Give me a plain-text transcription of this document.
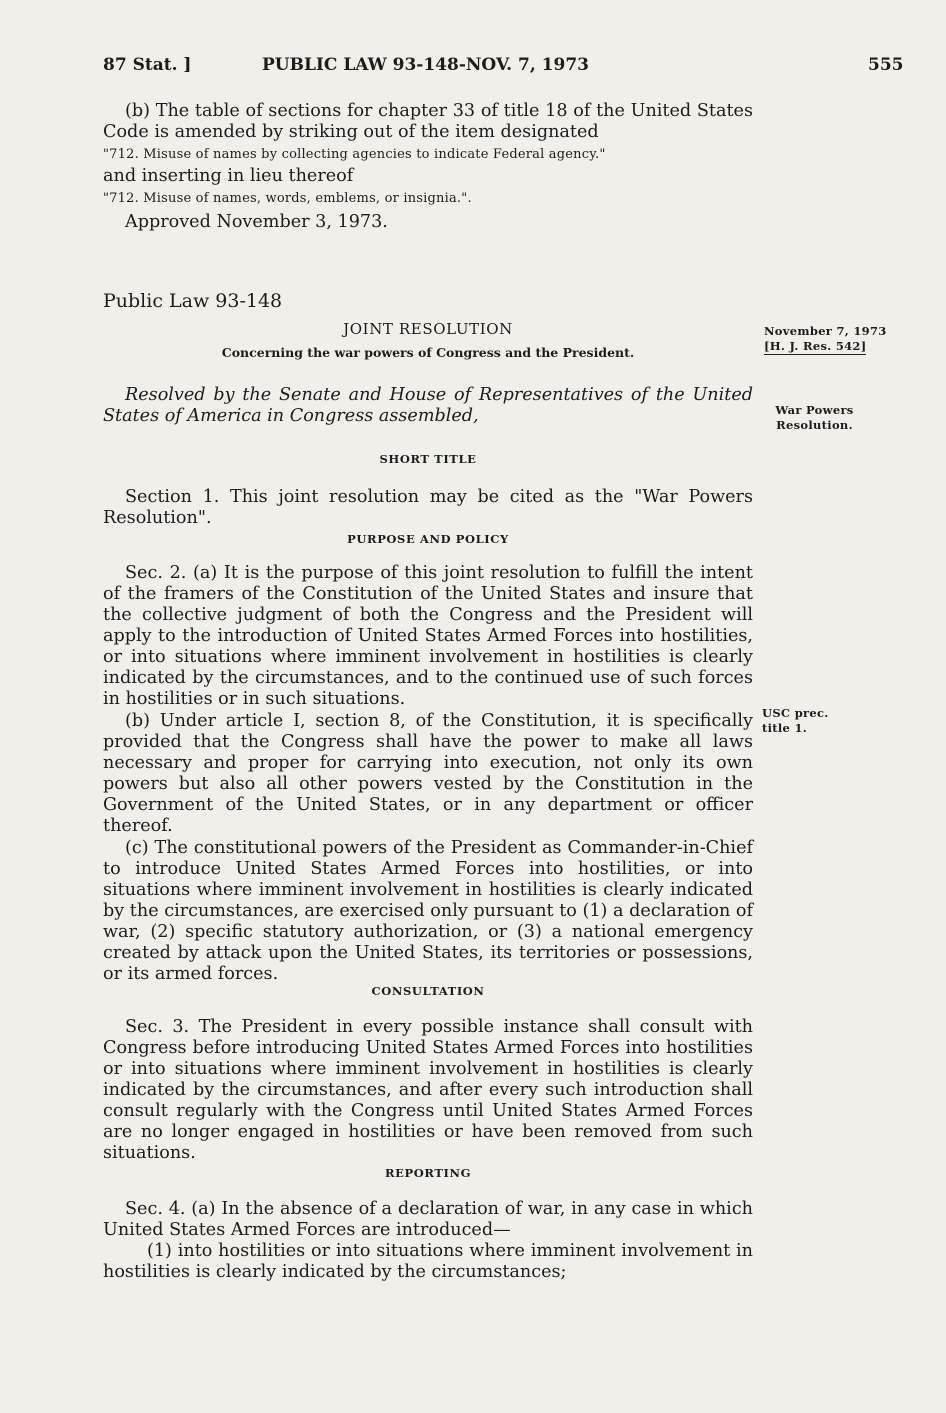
87 Stat. ]	PUBLIC LAW 93-148-NOV. 7, 1973	555

(b) The table of sections for chapter 33 of title 18 of the United States Code is amended by striking out of the item designated

"712. Misuse of names by collecting agencies to indicate Federal agency."

and inserting in lieu thereof

"712. Misuse of names, words, emblems, or insignia.".

Approved November 3, 1973.

Public Law 93-148
JOINT RESOLUTION
Concerning the war powers of Congress and the President.

Resolved by the Senate and House of Representatives of the United States of America in Congress assembled,

November 7, 1973
[H. J. Res. 542]
War Powers Resolution.
USC prec. title 1.
SHORT TITLE

Section 1. This joint resolution may be cited as the "War Powers Resolution".

PURPOSE AND POLICY

Sec. 2. (a) It is the purpose of this joint resolution to fulfill the intent of the framers of the Constitution of the United States and insure that the collective judgment of both the Congress and the President will apply to the introduction of United States Armed Forces into hostilities, or into situations where imminent involvement in hostilities is clearly indicated by the circumstances, and to the continued use of such forces in hostilities or in such situations.

(b) Under article I, section 8, of the Constitution, it is specifically provided that the Congress shall have the power to make all laws necessary and proper for carrying into execution, not only its own powers but also all other powers vested by the Constitution in the Government of the United States, or in any department or officer thereof.

(c) The constitutional powers of the President as Commander-in-Chief to introduce United States Armed Forces into hostilities, or into situations where imminent involvement in hostilities is clearly indicated by the circumstances, are exercised only pursuant to (1) a declaration of war, (2) specific statutory authorization, or (3) a national emergency created by attack upon the United States, its territories or possessions, or its armed forces.

CONSULTATION

Sec. 3. The President in every possible instance shall consult with Congress before introducing United States Armed Forces into hostilities or into situations where imminent involvement in hostilities is clearly indicated by the circumstances, and after every such introduction shall consult regularly with the Congress until United States Armed Forces are no longer engaged in hostilities or have been removed from such situations.

REPORTING

Sec. 4. (a) In the absence of a declaration of war, in any case in which United States Armed Forces are introduced—

(1) into hostilities or into situations where imminent involvement in hostilities is clearly indicated by the circumstances;
